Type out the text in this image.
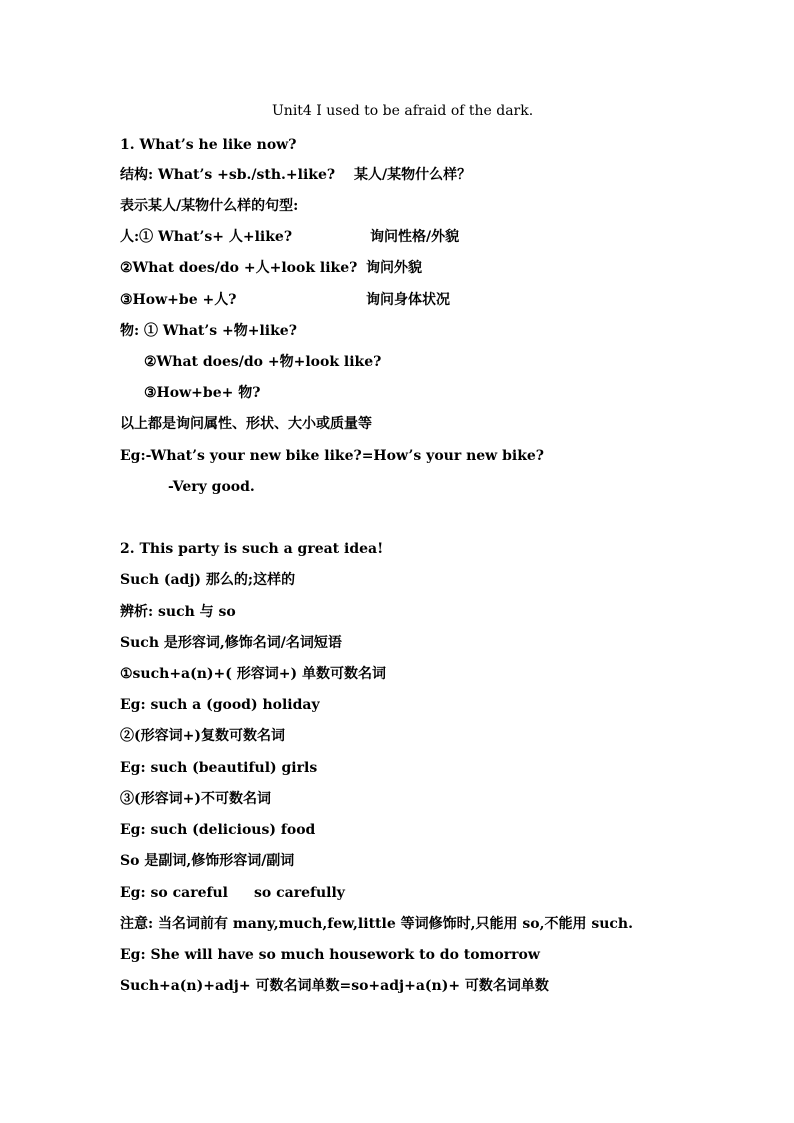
Unit4 I used to be afraid of the dark.
1. What’s he like now?
结构: What’s +sb./sth.+like? 某人/某物什么样？
表示某人/某物什么样的句型:
人:① What’s+ 人+like?	询问性格/外貌
②What does/do +人+look like? 询问外貌
③How+be +人?	询问身体状况
物: ① What’s +物+like?
②What does/do +物+look like?
③How+be+ 物?
以上都是询问属性、形状、大小或质量等
Eg:-What’s your new bike like?=How’s your new bike?
-Very good.
2. This party is such a great idea!
Such (adj) 那么的;这样的
辨析: such 与 so
Such 是形容词,修饰名词/名词短语
①such+a(n)+( 形容词+) 单数可数名词
Eg: such a (good) holiday
②(形容词+)复数可数名词
Eg: such (beautiful) girls
③(形容词+)不可数名词
Eg: such (delicious) food
So 是副词,修饰形容词/副词
Eg: so careful so carefully
注意: 当名词前有 many,much,few,little 等词修饰时,只能用 so,不能用 such.
Eg: She will have so much housework to do tomorrow
Such+a(n)+adj+ 可数名词单数=so+adj+a(n)+ 可数名词单数
